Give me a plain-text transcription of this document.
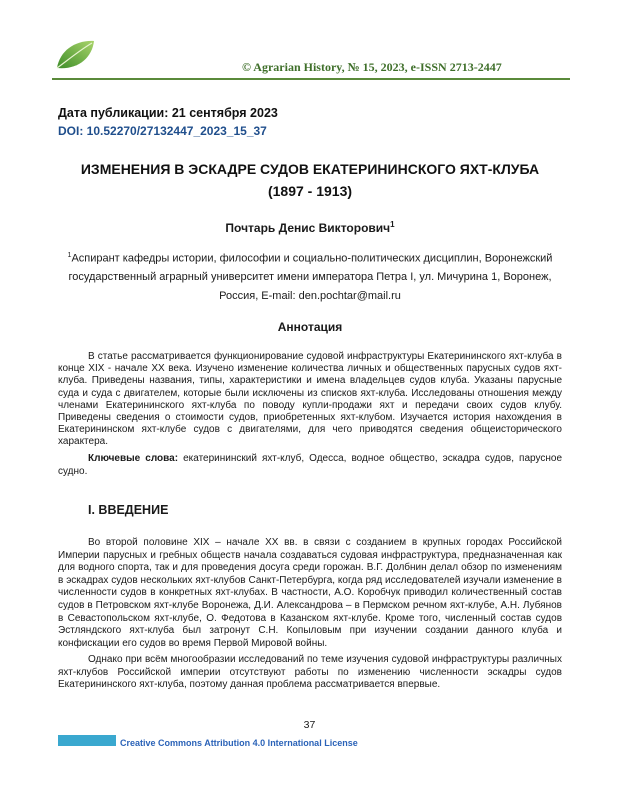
© Agrarian History, № 15, 2023, e-ISSN 2713-2447
Дата публикации: 21 сентября 2023
DOI: 10.52270/27132447_2023_15_37
ИЗМЕНЕНИЯ В ЭСКАДРЕ СУДОВ ЕКАТЕРИНИНСКОГО ЯХТ-КЛУБА
(1897 - 1913)
Почтарь Денис Викторович$^1$
$^1$Аспирант кафедры истории, философии и социально-политических дисциплин, Воронежский государственный аграрный университет имени императора Петра I, ул. Мичурина 1, Воронеж, Россия, E-mail: den.pochtar@mail.ru
Аннотация

В статье рассматривается функционирование судовой инфраструктуры Екатерининского яхт-клуба в конце XIX - начале XX века. Изучено изменение количества личных и общественных парусных судов яхт-клуба. Приведены названия, типы, характеристики и имена владельцев судов клуба. Указаны парусные суда и суда с двигателем, которые были исключены из списков яхт-клуба. Исследованы отношения между членами Екатерининского яхт-клуба по поводу купли-продажи яхт и передачи своих судов клубу. Приведены сведения о стоимости судов, приобретенных яхт-клубом. Изучается история нахождения в Екатерининском яхт-клубе судов с двигателями, для чего приводятся сведения общеисторического характера.

Ключевые слова: екатерининский яхт-клуб, Одесса, водное общество, эскадра судов, парусное судно.

I. ВВЕДЕНИЕ

Во второй половине XIX – начале XX вв. в связи с созданием в крупных городах Российской Империи парусных и гребных обществ начала создаваться судовая инфраструктура, предназначенная как для водного спорта, так и для проведения досуга среди горожан. В.Г. Долбнин делал обзор по изменениям в эскадрах судов нескольких яхт-клубов Санкт-Петербурга, когда ряд исследователей изучали изменение в численности судов в конкретных яхт-клубах. В частности, А.О. Коробчук приводил количественный состав судов в Петровском яхт-клубе Воронежа, Д.И. Александрова – в Пермском речном яхт-клубе, А.Н. Лубянов в Севастопольском яхт-клубе, О. Федотова в Казанском яхт-клубе. Кроме того, численный состав судов Эстляндского яхт-клуба был затронут С.Н. Копыловым при изучении создании данного клуба и конфискации его судов во время Первой Мировой войны.

Однако при всём многообразии исследований по теме изучения судовой инфраструктуры различных яхт-клубов Российской империи отсутствуют работы по изменению численности эскадры судов Екатерининского яхт-клуба, поэтому данная проблема рассматривается впервые.

37
Creative Commons Attribution 4.0 International License
